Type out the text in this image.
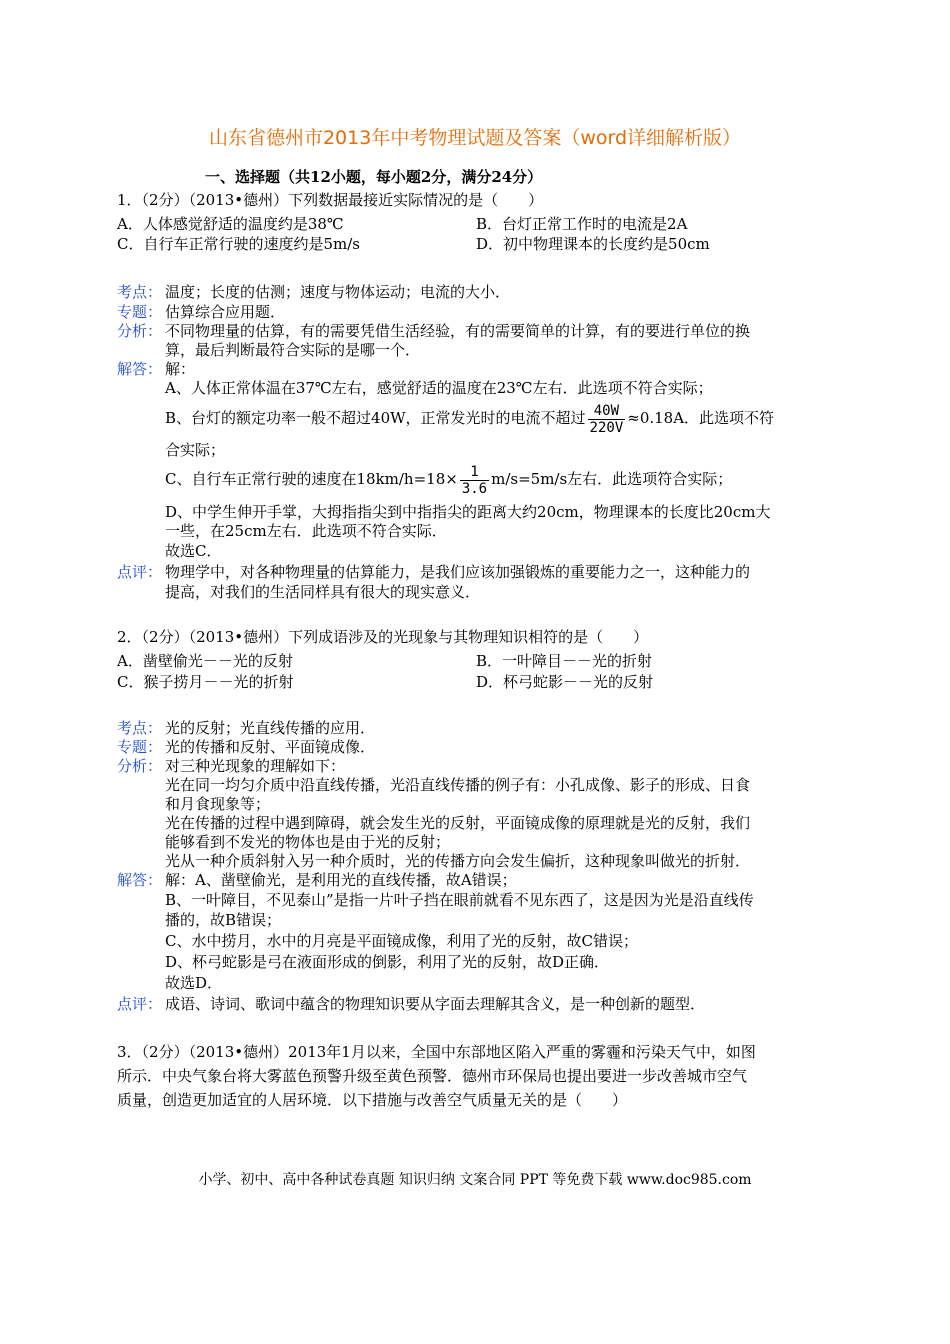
山东省德州市2013年中考物理试题及答案（word详细解析版）
一、选择题（共12小题，每小题2分，满分24分）
1．（2分）（2013•德州）下列数据最接近实际情况的是（　　）
A．人体感觉舒适的温度约是38℃	B．台灯正常工作时的电流是2A
C．自行车正常行驶的速度约是5m/s	D．初中物理课本的长度约是50cm
考点： 温度；长度的估测；速度与物体运动；电流的大小．
专题： 估算综合应用题．
分析： 不同物理量的估算，有的需要凭借生活经验，有的需要简单的计算，有的要进行单位的换
算，最后判断最符合实际的是哪一个．
解答： 解：
A、人体正常体温在37℃左右，感觉舒适的温度在23℃左右．此选项不符合实际；
B、台灯的额定功率一般不超过40W，正常发光时的电流不超过 $\frac{40W}{220V} \approx 0.18A$．此选项不符
合实际；
C、自行车正常行驶的速度在$18km/h=18\times \frac{1}{3.6} m/s=5m/s$左右．此选项符合实际；
D、中学生伸开手掌，大拇指指尖到中指指尖的距离大约20cm，物理课本的长度比20cm大
一些，在25cm左右．此选项不符合实际．
故选C．
点评： 物理学中，对各种物理量的估算能力，是我们应该加强锻炼的重要能力之一，这种能力的
提高，对我们的生活同样具有很大的现实意义．
2．（2分）（2013•德州）下列成语涉及的光现象与其物理知识相符的是（　　）
A．凿壁偷光－－光的反射	B．一叶障目－－光的折射
C．猴子捞月－－光的折射	D．杯弓蛇影－－光的反射
考点： 光的反射；光直线传播的应用．
专题： 光的传播和反射、平面镜成像．
分析： 对三种光现象的理解如下：
光在同一均匀介质中沿直线传播，光沿直线传播的例子有：小孔成像、影子的形成、日食
和月食现象等；
光在传播的过程中遇到障碍，就会发生光的反射，平面镜成像的原理就是光的反射，我们
能够看到不发光的物体也是由于光的反射；
光从一种介质斜射入另一种介质时，光的传播方向会发生偏折，这种现象叫做光的折射．
解答： 解：A、凿壁偷光，是利用光的直线传播，故A错误；
B、一叶障目，不见泰山”是指一片叶子挡在眼前就看不见东西了，这是因为光是沿直线传
播的，故B错误；
C、水中捞月，水中的月亮是平面镜成像，利用了光的反射，故C错误；
D、杯弓蛇影是弓在液面形成的倒影，利用了光的反射，故D正确．
故选D．
点评： 成语、诗词、歌词中蕴含的物理知识要从字面去理解其含义，是一种创新的题型．
3．（2分）（2013•德州）2013年1月以来，全国中东部地区陷入严重的雾霾和污染天气中，如图
所示．中央气象台将大雾蓝色预警升级至黄色预警．德州市环保局也提出要进一步改善城市空气
质量，创造更加适宜的人居环境．以下措施与改善空气质量无关的是（　　）
小学、初中、高中各种试卷真题 知识归纳 文案合同 PPT 等免费下载 www.doc985.com
